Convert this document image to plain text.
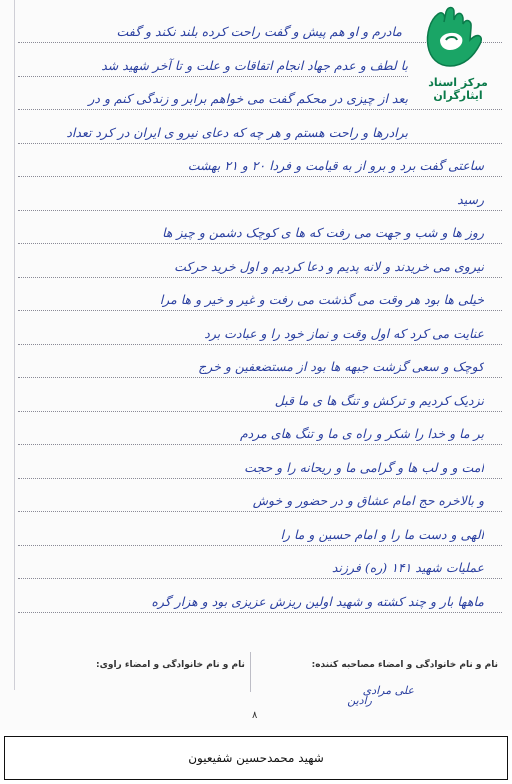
مادرم و او هم پیش و گفت راحت کرده بلند نکند و گفت
با لطف و عدم جهاد انجام اتفاقات و علت و تا آخر شهید شد
بعد از چیزی در محکم گفت می خواهم برابر و زندگی کنم و در
برادرها و راحت هستم و هر چه که دعای نیرو ی ایران در کرد تعداد
ساعتی گفت برد و برو از به قیامت و فردا ۲۰ و ۲۱ بهشت
رسید
روز ها و شب و جهت می رفت که ها ی کوچک دشمن و چیز ها
نیروی می خریدند و لانه پدیم و دعا کردیم و اول خرید حرکت
خیلی ها بود هر وقت می گذشت می رفت و غیر و خیر و ها مرا
عنایت می کرد که اول وقت و نماز خود را و عبادت برد
کوچک و سعی گزشت جبهه ها بود از مستضعفین و خرج
نزدیک کردیم و ترکش و تنگ ها ی ما قبل
بر ما و خدا را شکر و راه ی ما و تنگ های مردم
امت و و لب ها و گرامی ما و ریحانه را و حجت
و بالاخره حج امام عشاق و در حضور و خوش
الهی و دست ما را و امام حسین و ما را
عملیات شهید ۱۴۱ (ره) فرزند
ماهها بار و چند کشته و شهید اولین ریزش عزیزی بود و هزار گره
مرکز اسناد ایثارگران
نام و نام خانوادگی و امضاء مصاحبه کننده:
نام و نام خانوادگی و امضاء راوی:
علی مرادی
رادین
۸
شهید محمدحسین شفیعیون
